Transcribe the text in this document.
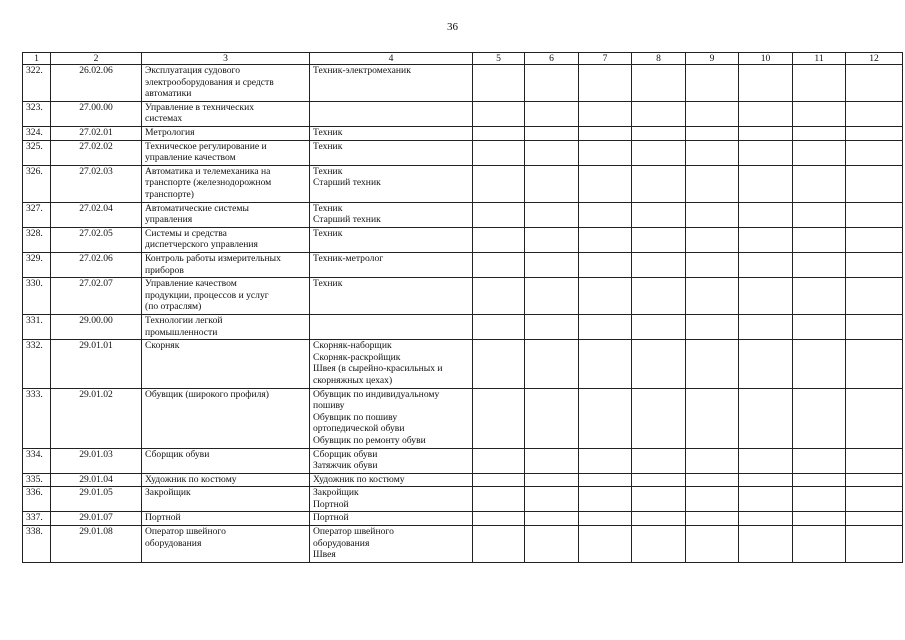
36
1	2	3	4	5	6	7	8	9	10	11	12
322.	26.02.06	Эксплуатация судового
электрооборудования и средств
автоматики	Техник-электромеханик								

323.	27.00.00	Управление в технических
системах									

324.	27.02.01	Метрология	Техник								

325.	27.02.02	Техническое регулирование и
управление качеством	Техник								

326.	27.02.03	Автоматика и телемеханика на
транспорте (железнодорожном
транспорте)	Техник
Старший техник								

327.	27.02.04	Автоматические системы
управления	Техник
Старший техник								

328.	27.02.05	Системы и средства
диспетчерского управления	Техник								

329.	27.02.06	Контроль работы измерительных
приборов	Техник-метролог								

330.	27.02.07	Управление качеством
продукции, процессов и услуг
(по отраслям)	Техник								

331.	29.00.00	Технологии легкой
промышленности									

332.	29.01.01	Скорняк	Скорняк-наборщик
Скорняк-раскройщик
Швея (в сырейно-красильных и
скорняжных цехах)								

333.	29.01.02	Обувщик (широкого профиля)	Обувщик по индивидуальному
пошиву
Обувщик по пошиву
ортопедической обуви
Обувщик по ремонту обуви								

334.	29.01.03	Сборщик обуви	Сборщик обуви
Затяжчик обуви								

335.	29.01.04	Художник по костюму	Художник по костюму								

336.	29.01.05	Закройщик	Закройщик
Портной								

337.	29.01.07	Портной	Портной								

338.	29.01.08	Оператор швейного
оборудования	Оператор швейного
оборудования
Швея								
